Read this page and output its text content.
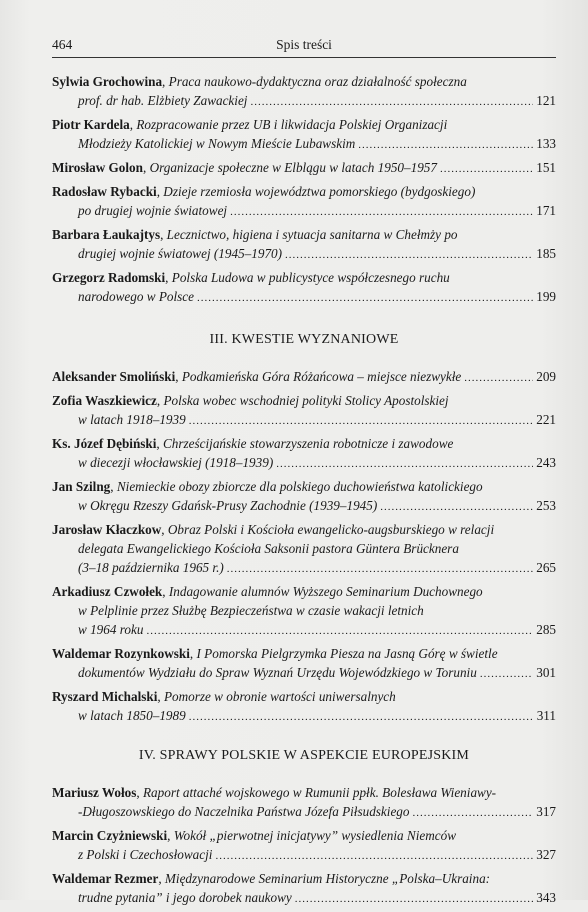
464	Spis treści
Sylwia Grochowina, Praca naukowo-dydaktyczna oraz działalność społeczna
prof. dr hab. Elżbiety Zawackiej .....	121
Piotr Kardela, Rozpracowanie przez UB i likwidacja Polskiej Organizacji
Młodzieży Katolickiej w Nowym Mieście Lubawskim .....	133
Mirosław Golon, Organizacje społeczne w Elblągu w latach 1950–1957 .....	151
Radosław Rybacki, Dzieje rzemiosła województwa pomorskiego (bydgoskiego)
po drugiej wojnie światowej .....	171
Barbara Łaukajtys, Lecznictwo, higiena i sytuacja sanitarna w Chełmży po
drugiej wojnie światowej (1945–1970) .....	185
Grzegorz Radomski, Polska Ludowa w publicystyce współczesnego ruchu
narodowego w Polsce .....	199
III. KWESTIE WYZNANIOWE
Aleksander Smoliński, Podkamieńska Góra Różańcowa – miejsce niezwykłe .....	209
Zofia Waszkiewicz, Polska wobec wschodniej polityki Stolicy Apostolskiej
w latach 1918–1939 .....	221
Ks. Józef Dębiński, Chrześcijańskie stowarzyszenia robotnicze i zawodowe
w diecezji włocławskiej (1918–1939) .....	243
Jan Szilng, Niemieckie obozy zbiorcze dla polskiego duchowieństwa katolickiego
w Okręgu Rzeszy Gdańsk-Prusy Zachodnie (1939–1945) .....	253
Jarosław Kłaczkow, Obraz Polski i Kościoła ewangelicko-augsburskiego w relacji
delegata Ewangelickiego Kościoła Saksonii pastora Güntera Brücknera
(3–18 października 1965 r.) .....	265
Arkadiusz Czwołek, Indagowanie alumnów Wyższego Seminarium Duchownego
w Pelplinie przez Służbę Bezpieczeństwa w czasie wakacji letnich
w 1964 roku .....	285
Waldemar Rozynkowski, I Pomorska Pielgrzymka Piesza na Jasną Górę w świetle
dokumentów Wydziału do Spraw Wyznań Urzędu Wojewódzkiego w Toruniu .....	301
Ryszard Michalski, Pomorze w obronie wartości uniwersalnych
w latach 1850–1989 .....	311
IV. SPRAWY POLSKIE W ASPEKCIE EUROPEJSKIM
Mariusz Wołos, Raport attaché wojskowego w Rumunii ppłk. Bolesława Wieniawy-
-Długoszowskiego do Naczelnika Państwa Józefa Piłsudskiego .....	317
Marcin Czyżniewski, Wokół „pierwotnej inicjatywy” wysiedlenia Niemców
z Polski i Czechosłowacji .....	327
Waldemar Rezmer, Międzynarodowe Seminarium Historyczne „Polska–Ukraina:
trudne pytania” i jego dorobek naukowy .....	343
